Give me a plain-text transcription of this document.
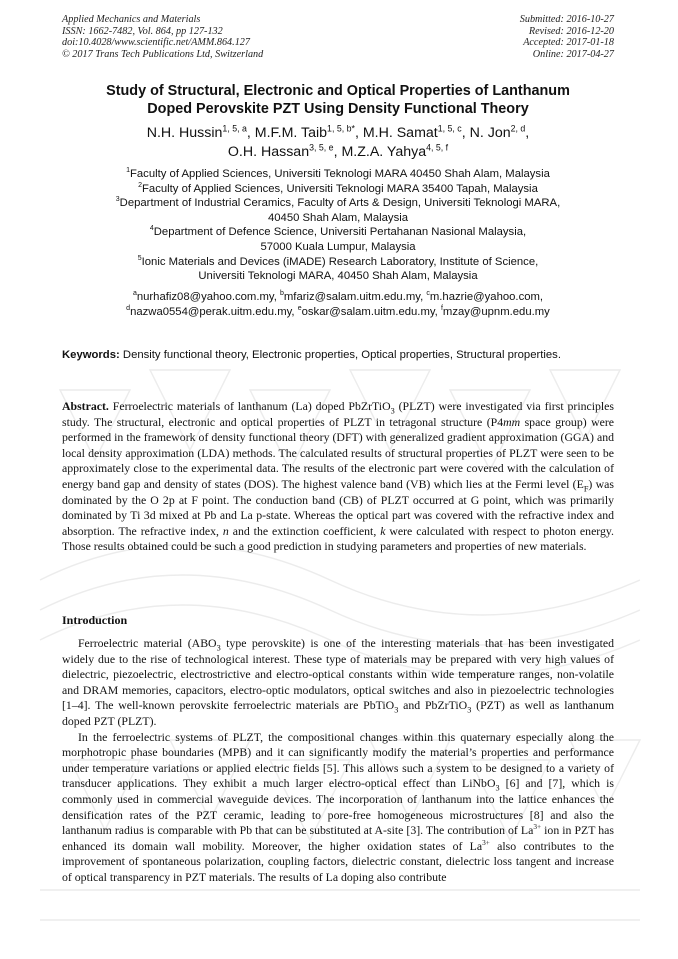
Applied Mechanics and Materials
ISSN: 1662-7482, Vol. 864, pp 127-132
doi:10.4028/www.scientific.net/AMM.864.127
© 2017 Trans Tech Publications Ltd, Switzerland
Submitted: 2016-10-27
Revised: 2016-12-20
Accepted: 2017-01-18
Online: 2017-04-27
Study of Structural, Electronic and Optical Properties of Lanthanum
Doped Perovskite PZT Using Density Functional Theory
N.H. Hussin$^{1, 5, a}$, M.F.M. Taib$^{1, 5, b*}$, M.H. Samat$^{1, 5, c}$, N. Jon$^{2, d}$,
O.H. Hassan$^{3, 5, e}$, M.Z.A. Yahya$^{4, 5, f}$
$^1$Faculty of Applied Sciences, Universiti Teknologi MARA 40450 Shah Alam, Malaysia
$^2$Faculty of Applied Sciences, Universiti Teknologi MARA 35400 Tapah, Malaysia
$^3$Department of Industrial Ceramics, Faculty of Arts & Design, Universiti Teknologi MARA,
40450 Shah Alam, Malaysia
$^4$Department of Defence Science, Universiti Pertahanan Nasional Malaysia,
57000 Kuala Lumpur, Malaysia
$^5$Ionic Materials and Devices (iMADE) Research Laboratory, Institute of Science,
Universiti Teknologi MARA, 40450 Shah Alam, Malaysia
$^a$nurhafiz08@yahoo.com.my, $^b$mfariz@salam.uitm.edu.my, $^c$m.hazrie@yahoo.com,
$^d$nazwa0554@perak.uitm.edu.my, $^e$oskar@salam.uitm.edu.my, $^f$mzay@upnm.edu.my
Keywords: Density functional theory, Electronic properties, Optical properties, Structural properties.
Abstract. Ferroelectric materials of lanthanum (La) doped PbZrTiO$_3$ (PLZT) were investigated via first principles study. The structural, electronic and optical properties of PLZT in tetragonal structure (P4mm space group) were performed in the framework of density functional theory (DFT) with generalized gradient approximation (GGA) and local density approximation (LDA) methods. The calculated results of structural properties of PLZT were seen to be approximately close to the experimental data. The results of the electronic part were covered with the calculation of energy band gap and density of states (DOS). The highest valence band (VB) which lies at the Fermi level $(E_F)$ was dominated by the O 2p at F point. The conduction band (CB) of PLZT occurred at G point, which was primarily dominated by Ti 3d mixed at Pb and La p-state. Whereas the optical part was covered with the refractive index and absorption. The refractive index, n and the extinction coefficient, k were calculated with respect to photon energy. Those results obtained could be such a good prediction in studying parameters and properties of new materials.
Introduction

Ferroelectric material ($ABO_3$ type perovskite) is one of the interesting materials that has been investigated widely due to the rise of technological interest. These type of materials may be prepared with very high values of dielectric, piezoelectric, electrostrictive and electro-optical constants within wide temperature ranges, non-volatile and DRAM memories, capacitors, electro-optic modulators, optical switches and also in piezoelectric technologies [1–4]. The well-known perovskite ferroelectric materials are PbTiO$_3$ and PbZrTiO$_3$ (PZT) as well as lanthanum doped PZT (PLZT).

In the ferroelectric systems of PLZT, the compositional changes within this quaternary especially along the morphotropic phase boundaries (MPB) and it can significantly modify the material’s properties and performance under temperature variations or applied electric fields [5]. This allows such a system to be designed to a variety of transducer applications. They exhibit a much larger electro-optical effect than LiNbO$_3$ [6] and [7], which is commonly used in commercial waveguide devices. The incorporation of lanthanum into the lattice enhances the densification rates of the PZT ceramic, leading to pore-free homogeneous microstructures [8] and also the lanthanum radius is comparable with Pb that can be substituted at A-site [3]. The contribution of $La^{3+}$ ion in PZT has enhanced its domain wall mobility. Moreover, the higher oxidation states of $La^{3+}$ also contributes to the improvement of spontaneous polarization, coupling factors, dielectric constant, dielectric loss tangent and increase of optical transparency in PZT materials. The results of La doping also contribute
